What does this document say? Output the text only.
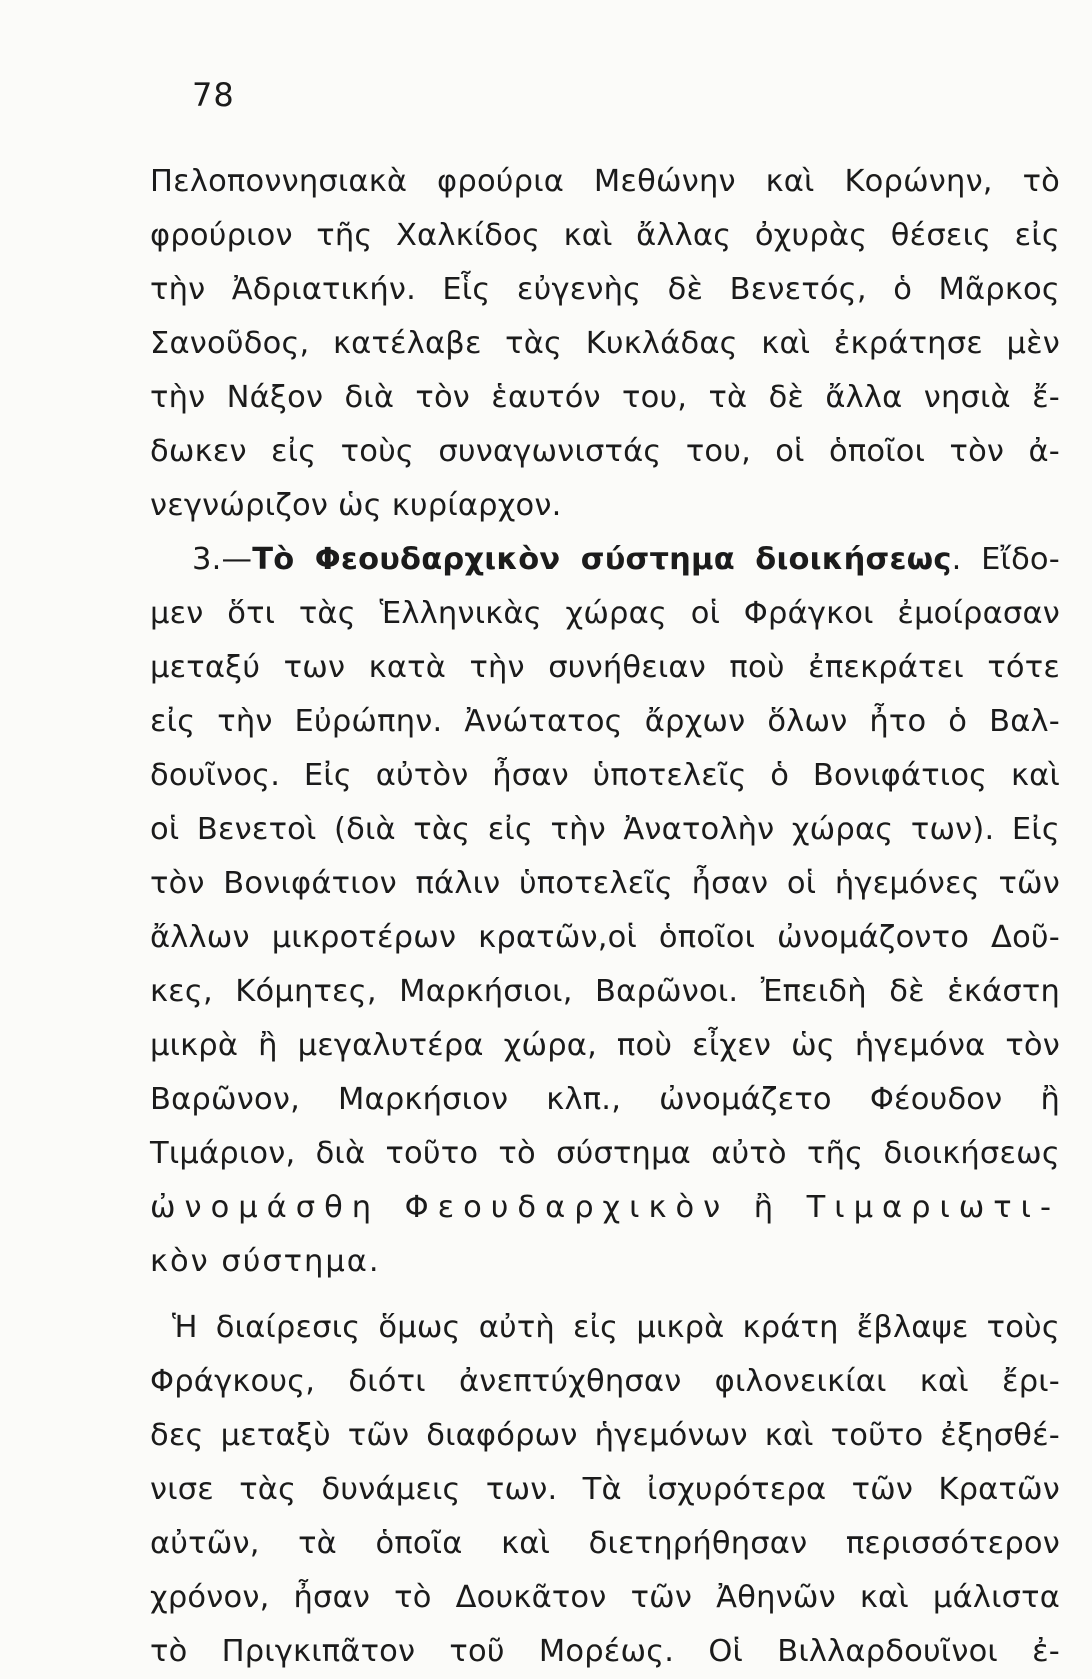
78
Πελοποννησιακὰ φρούρια Μεθώνην καὶ Κορώνην, τὸ
φρούριον τῆς Χαλκίδος καὶ ἄλλας ὀχυρὰς θέσεις εἰς
τὴν Ἀδριατικήν. Εἷς εὐγενὴς δὲ Βενετός, ὁ Μᾶρκος
Σανοῦδος, κατέλαβε τὰς Κυκλάδας καὶ ἐκράτησε μὲν
τὴν Νάξον διὰ τὸν ἑαυτόν του, τὰ δὲ ἄλλα νησιὰ ἔ-
δωκεν εἰς τοὺς συναγωνιστάς του, οἱ ὁποῖοι τὸν ἀ-
νεγνώριζον ὡς κυρίαρχον.
3.—Τὸ Φεουδαρχικὸν σύστημα διοικήσεως. Εἴδο-
μεν ὅτι τὰς Ἑλληνικὰς χώρας οἱ Φράγκοι ἐμοίρασαν
μεταξύ των κατὰ τὴν συνήθειαν ποὺ ἐπεκράτει τότε
εἰς τὴν Εὐρώπην. Ἀνώτατος ἄρχων ὅλων ἦτο ὁ Βαλ-
δουῖνος. Εἰς αὐτὸν ἦσαν ὑποτελεῖς ὁ Βονιφάτιος καὶ
οἱ Βενετοὶ (διὰ τὰς εἰς τὴν Ἀνατολὴν χώρας των). Εἰς
τὸν Βονιφάτιον πάλιν ὑποτελεῖς ἦσαν οἱ ἡγεμόνες τῶν
ἄλλων μικροτέρων κρατῶν,οἱ ὁποῖοι ὠνομάζοντο Δοῦ-
κες, Κόμητες, Μαρκήσιοι, Βαρῶνοι. Ἐπειδὴ δὲ ἑκάστη
μικρὰ ἢ μεγαλυτέρα χώρα, ποὺ εἶχεν ὡς ἡγεμόνα τὸν
Βαρῶνον, Μαρκήσιον κλπ., ὠνομάζετο Φέουδον ἢ
Τιμάριον, διὰ τοῦτο τὸ σύστημα αὐτὸ τῆς διοικήσεως
ὠνομάσθη Φεουδαρχικὸν ἢ Τιμαριωτι-
κὸν σύστημα.
Ἡ διαίρεσις ὅμως αὐτὴ εἰς μικρὰ κράτη ἔβλαψε τοὺς
Φράγκους, διότι ἀνεπτύχθησαν φιλονεικίαι καὶ ἔρι-
δες μεταξὺ τῶν διαφόρων ἡγεμόνων καὶ τοῦτο ἐξησθέ-
νισε τὰς δυνάμεις των. Τὰ ἰσχυρότερα τῶν Κρατῶν
αὐτῶν, τὰ ὁποῖα καὶ διετηρήθησαν περισσότερον
χρόνον, ἦσαν τὸ Δουκᾶτον τῶν Ἀθηνῶν καὶ μάλιστα
τὸ Πριγκιπᾶτον τοῦ Μορέως. Οἱ Βιλλαρδουῖνοι ἐ-
